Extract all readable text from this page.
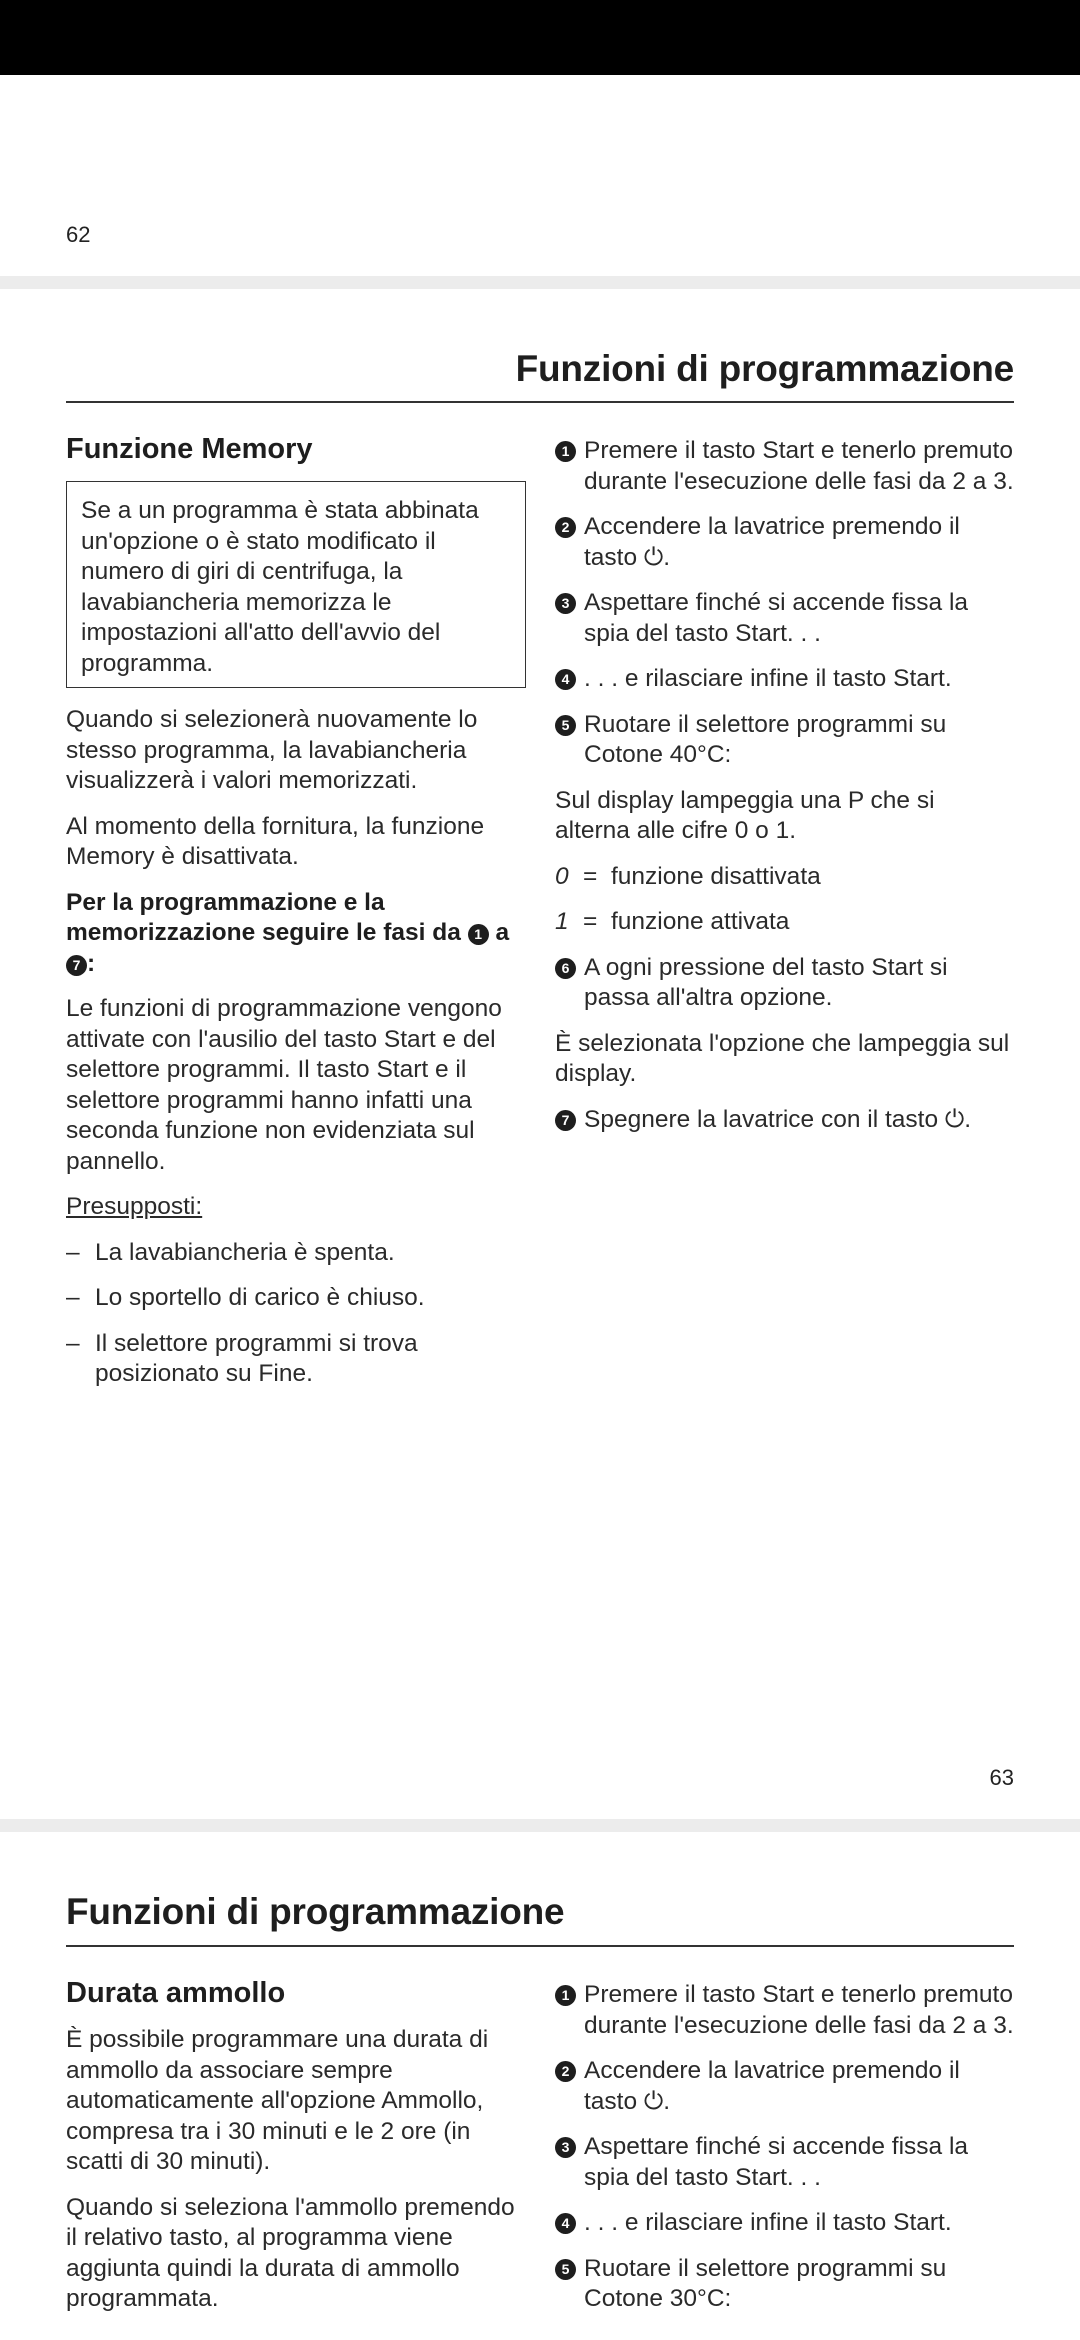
62
Funzioni di programmazione
Funzione Memory

Se a un programma è stata abbinata un'opzione o è stato modificato il numero di giri di centrifuga, la lavabiancheria memorizza le impostazioni all'atto dell'avvio del programma.

Quando si selezionerà nuovamente lo stesso programma, la lavabiancheria visualizzerà i valori memorizzati.

Al momento della fornitura, la funzione Memory è disattivata.

Per la programmazione e la memorizzazione seguire le fasi da 1 a 7 :

Le funzioni di programmazione vengono attivate con l'ausilio del tasto Start e del selettore programmi. Il tasto Start e il selettore programmi hanno infatti una seconda funzione non evidenziata sul pannello.

Presupposti:

– La lavabiancheria è spenta.
– Lo sportello di carico è chiuso.
– Il selettore programmi si trova posizionato su Fine.
1 Premere il tasto Start e tenerlo premuto durante l'esecuzione delle fasi da 2 a 3.
2 Accendere la lavatrice premendo il tasto ⏻.
3 Aspettare finché si accende fissa la spia del tasto Start. . .
4 . . . e rilasciare infine il tasto Start.
5 Ruotare il selettore programmi su Cotone 40°C:

Sul display lampeggia una P che si alterna alle cifre 0 o 1.

0 = funzione disattivata
1 = funzione attivata
6 A ogni pressione del tasto Start si passa all'altra opzione.

È selezionata l'opzione che lampeggia sul display.

7 Spegnere la lavatrice con il tasto ⏻.
63
Funzioni di programmazione
Durata ammollo

È possibile programmare una durata di ammollo da associare sempre automaticamente all'opzione Ammollo, compresa tra i 30 minuti e le 2 ore (in scatti di 30 minuti).

Quando si seleziona l'ammollo premendo il relativo tasto, al programma viene aggiunta quindi la durata di ammollo programmata.

1 Premere il tasto Start e tenerlo premuto durante l'esecuzione delle fasi da 2 a 3.
2 Accendere la lavatrice premendo il tasto ⏻.
3 Aspettare finché si accende fissa la spia del tasto Start. . .
4 . . . e rilasciare infine il tasto Start.
5 Ruotare il selettore programmi su Cotone 30°C:
